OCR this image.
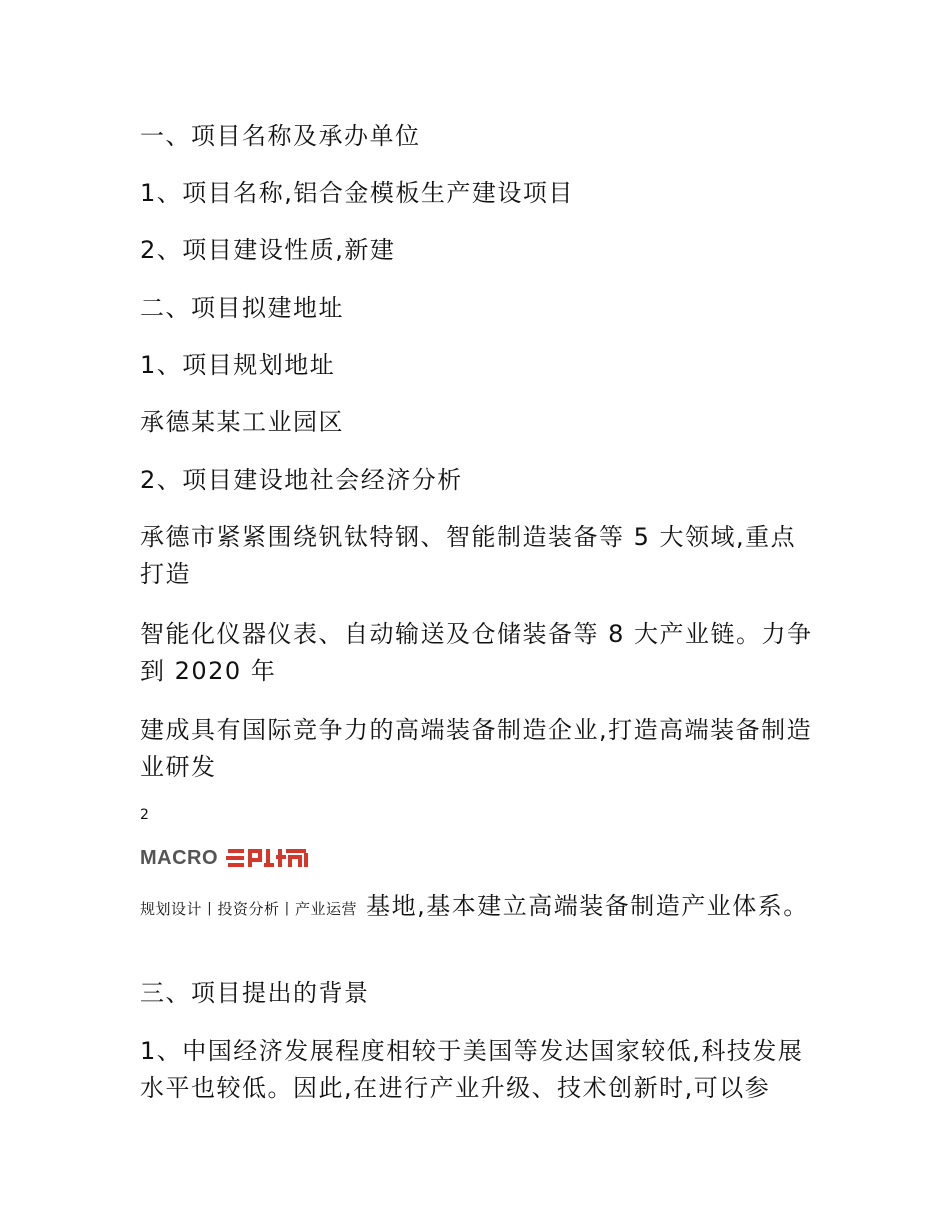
一、项目名称及承办单位

1、项目名称,铝合金模板生产建设项目

2、项目建设性质,新建

二、项目拟建地址

1、项目规划地址

承德某某工业园区

2、项目建设地社会经济分析

承德市紧紧围绕钒钛特钢、智能制造装备等 5 大领域,重点打造

智能化仪器仪表、自动输送及仓储装备等 8 大产业链。力争到 2020 年

建成具有国际竞争力的高端装备制造企业,打造高端装备制造业研发

2
MACRO

规划设计丨投资分析丨产业运营 基地,基本建立高端装备制造产业体系。

三、项目提出的背景

1、中国经济发展程度相较于美国等发达国家较低,科技发展水平也较低。因此,在进行产业升级、技术创新时,可以参
